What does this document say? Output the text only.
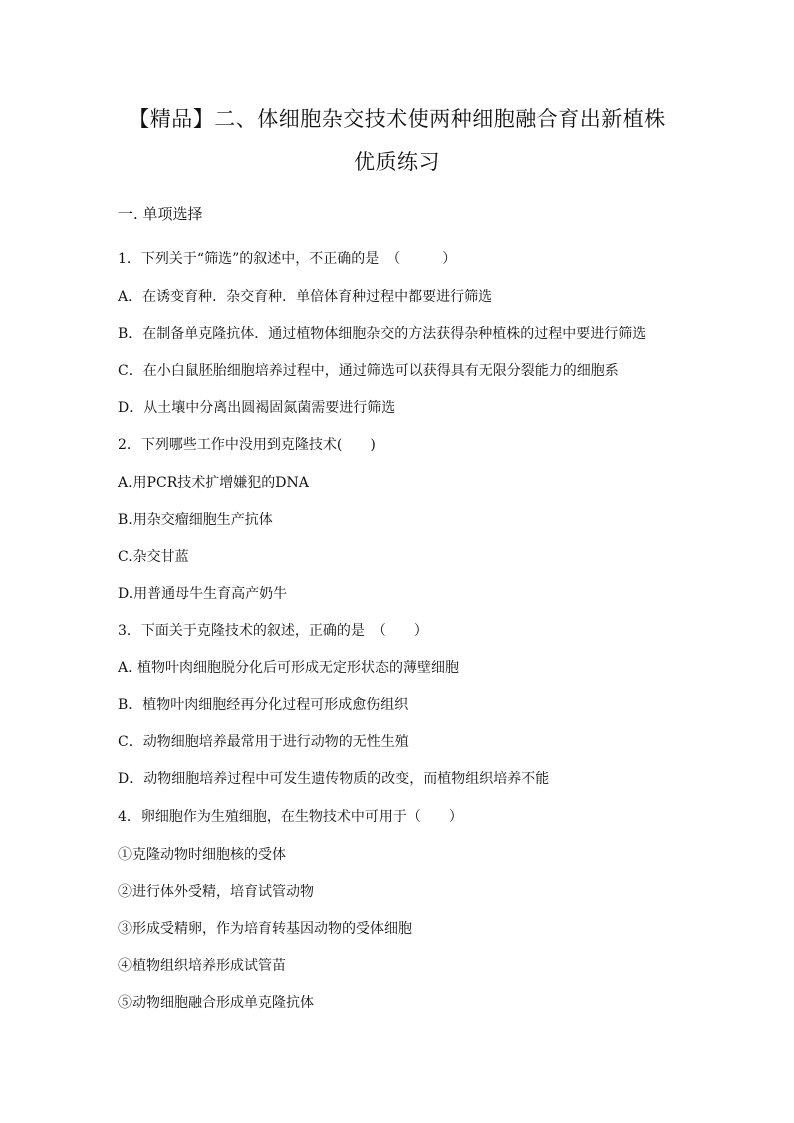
【精品】二、体细胞杂交技术使两种细胞融合育出新植株
优质练习
一. 单项选择
1．下列关于“筛选”的叙述中，不正确的是　（　　　）
A．在诱变育种．杂交育种．单倍体育种过程中都要进行筛选
B．在制备单克隆抗体．通过植物体细胞杂交的方法获得杂种植株的过程中要进行筛选
C．在小白鼠胚胎细胞培养过程中，通过筛选可以获得具有无限分裂能力的细胞系
D．从土壤中分离出圆褐固氮菌需要进行筛选
2．下列哪些工作中没用到克隆技术(　　)
A.用PCR技术扩增嫌犯的DNA
B.用杂交瘤细胞生产抗体
C.杂交甘蓝
D.用普通母牛生育高产奶牛
3．下面关于克隆技术的叙述，正确的是　（　　）
A. 植物叶肉细胞脱分化后可形成无定形状态的薄壁细胞
B．植物叶肉细胞经再分化过程可形成愈伤组织
C．动物细胞培养最常用于进行动物的无性生殖
D．动物细胞培养过程中可发生遗传物质的改变，而植物组织培养不能
4．卵细胞作为生殖细胞，在生物技术中可用于（　　）
①克隆动物时细胞核的受体
②进行体外受精，培育试管动物
③形成受精卵，作为培育转基因动物的受体细胞
④植物组织培养形成试管苗
⑤动物细胞融合形成单克隆抗体
